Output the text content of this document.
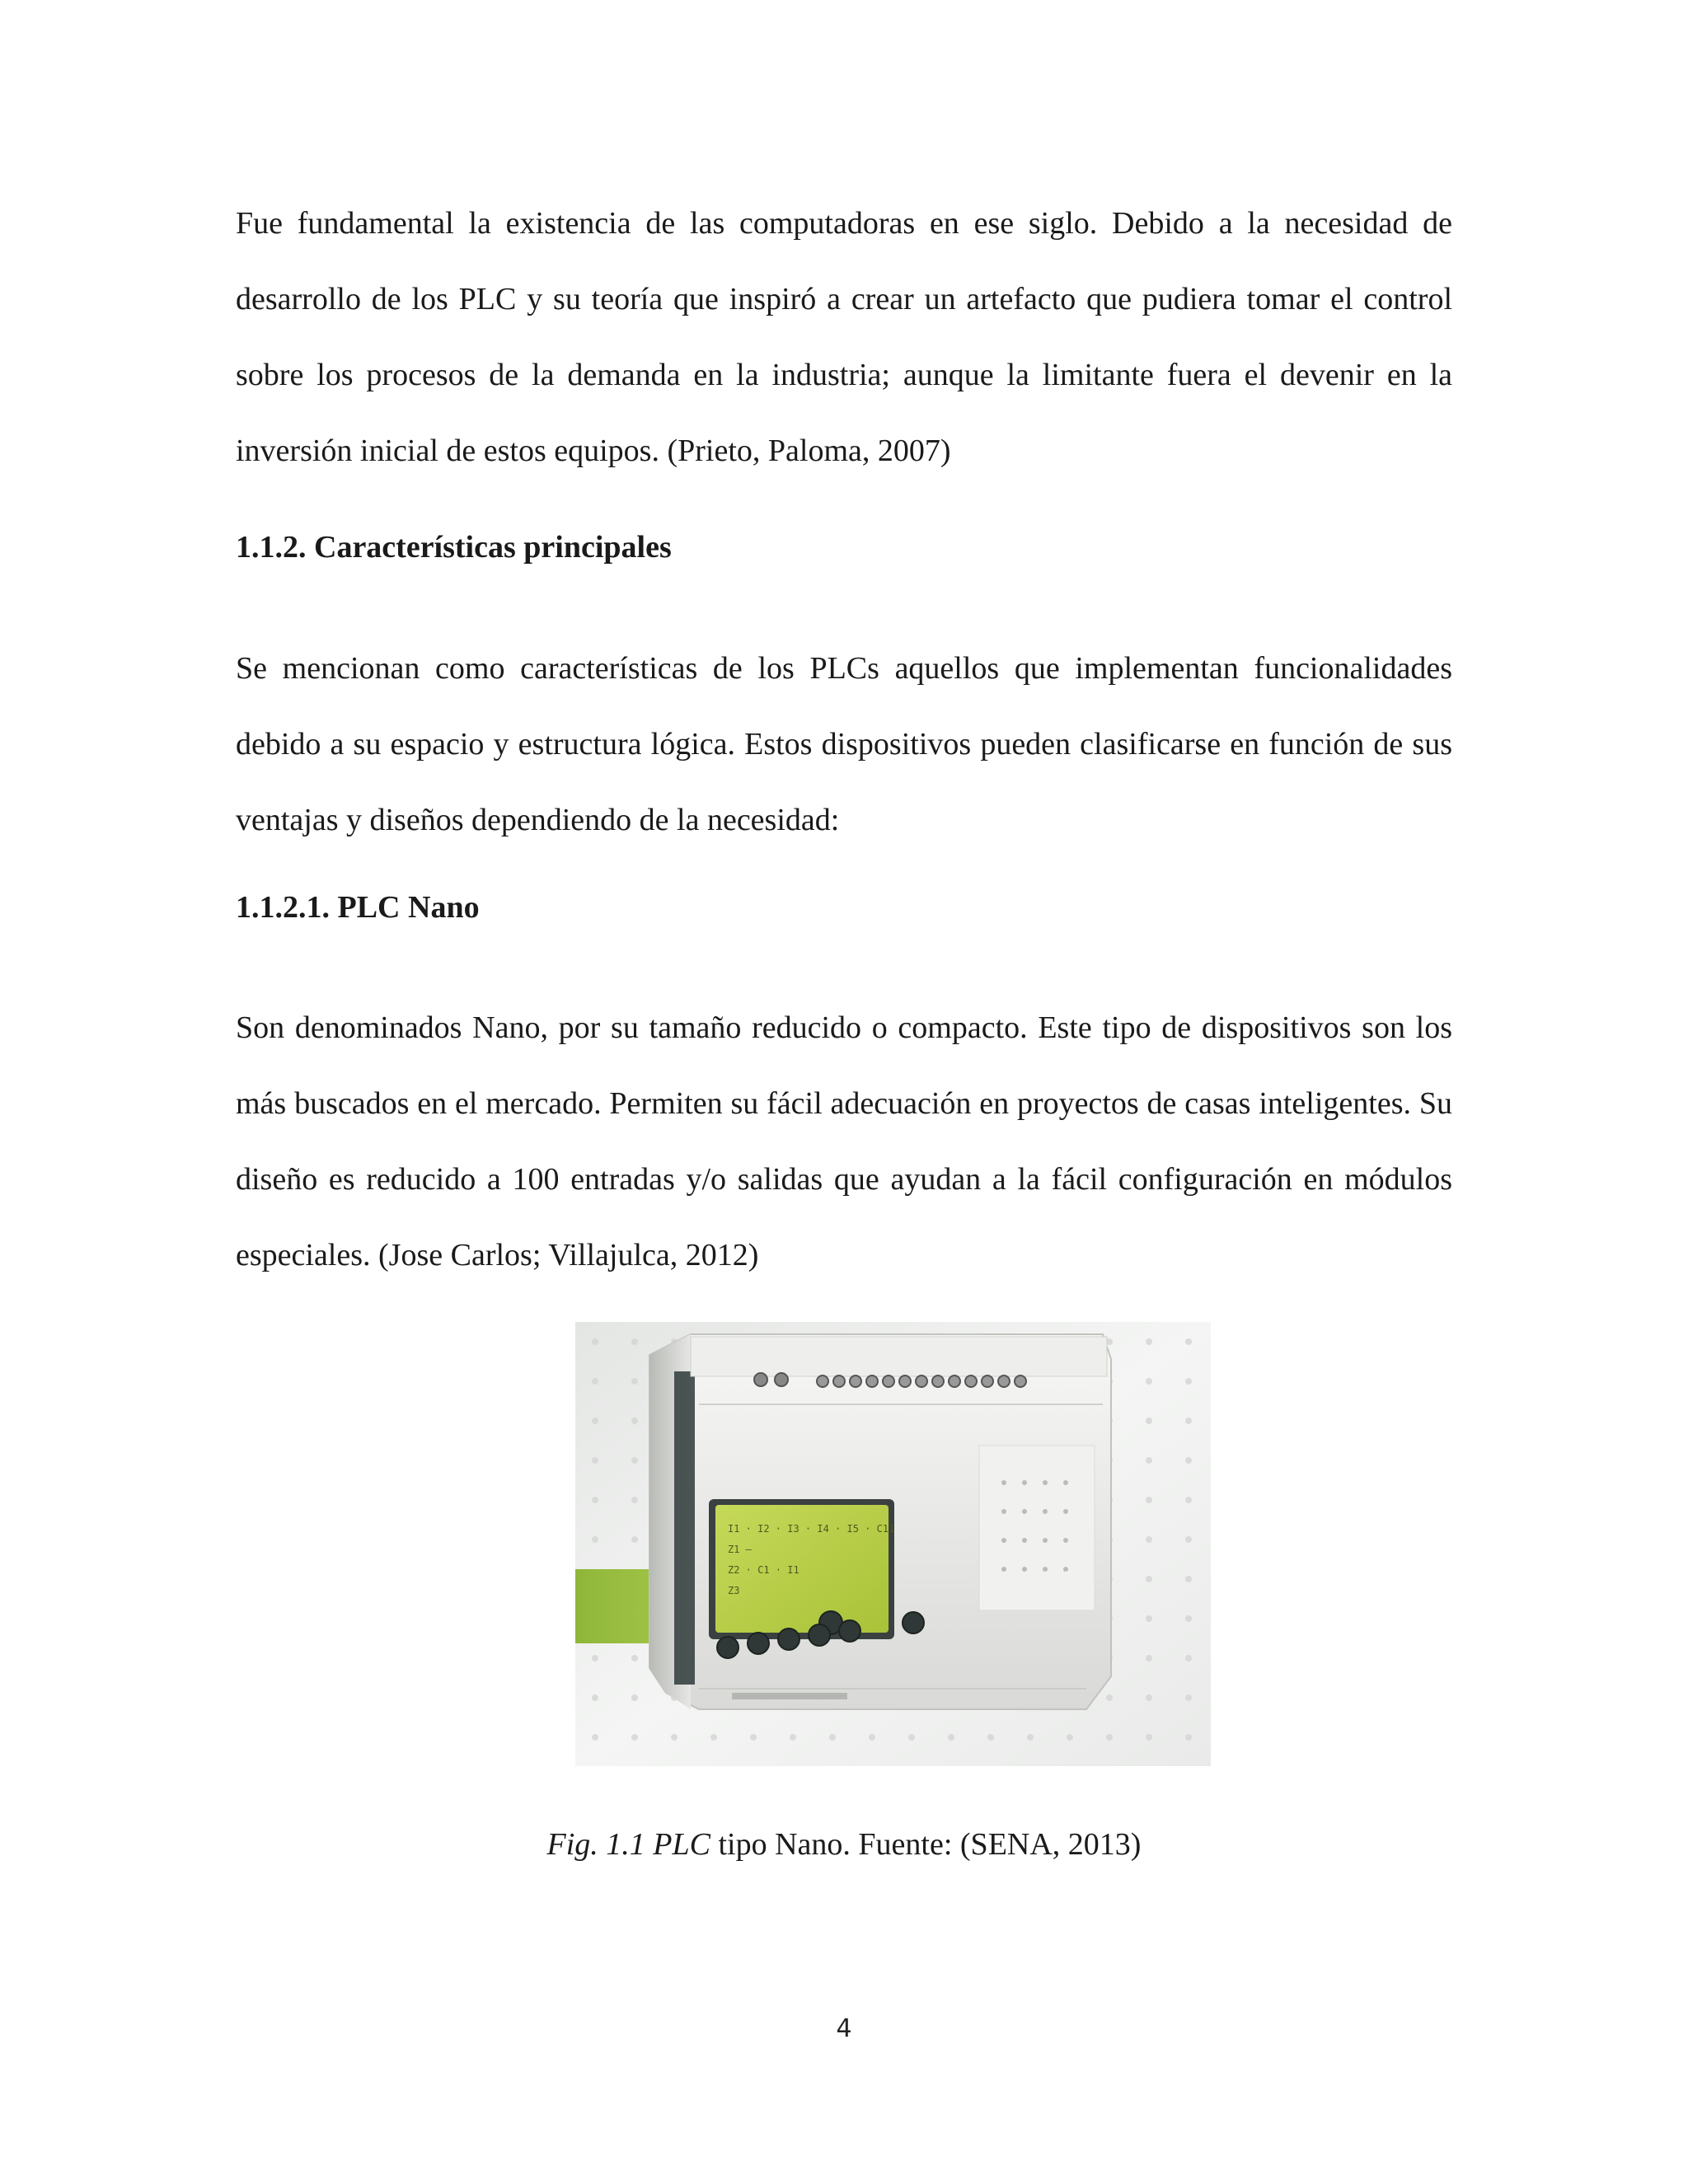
Fue fundamental la existencia de las computadoras en ese siglo. Debido a la necesidad de desarrollo de los PLC y su teoría que inspiró a crear un artefacto que pudiera tomar el control sobre los procesos de la demanda en la industria; aunque la limitante fuera el devenir en la inversión inicial de estos equipos. (Prieto, Paloma, 2007)

1.1.2. Características principales

Se mencionan como características de los PLCs aquellos que implementan funcionalidades debido a su espacio y estructura lógica. Estos dispositivos pueden clasificarse en función de sus ventajas y diseños dependiendo de la necesidad:

1.1.2.1. PLC Nano

Son denominados Nano, por su tamaño reducido o compacto. Este tipo de dispositivos son los más buscados en el mercado. Permiten su fácil adecuación en proyectos de casas inteligentes. Su diseño es reducido a 100 entradas y/o salidas que ayudan a la fácil configuración en módulos especiales. (Jose Carlos; Villajulca, 2012)

I1 · I2 · I3 · I4 · I5 · C11
Z1 —
Z2 · C1 · I1
Z3
Fig. 1.1 PLC tipo Nano. Fuente: (SENA, 2013)
4
